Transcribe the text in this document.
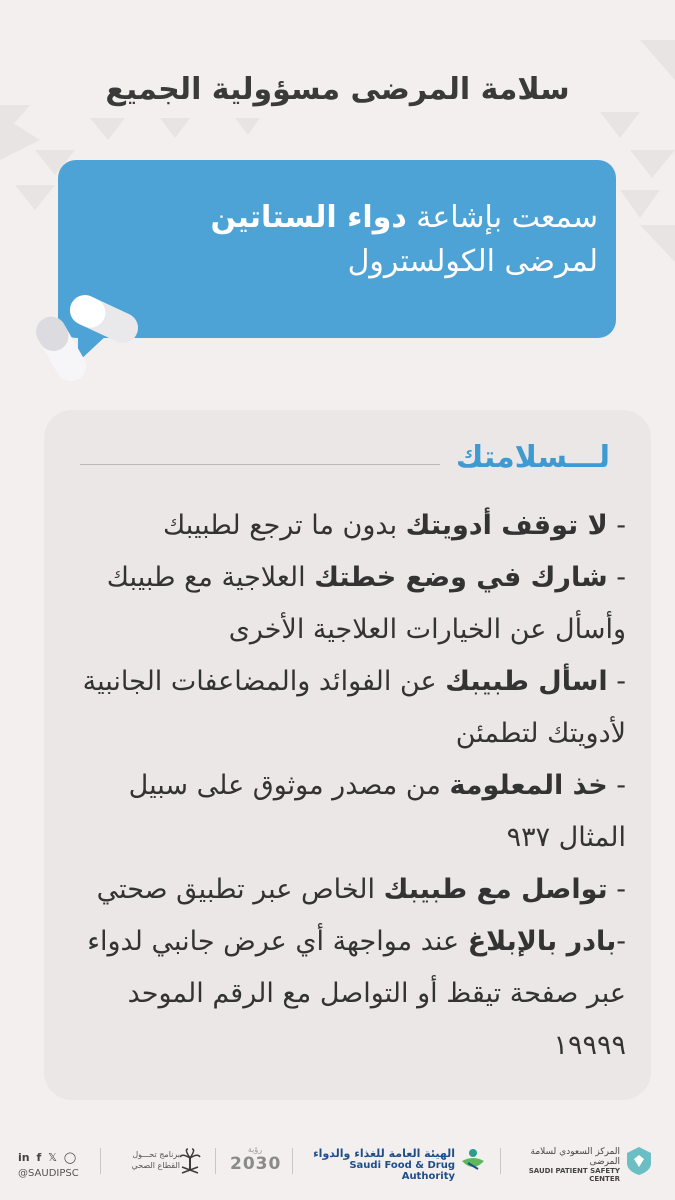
سلامة المرضى مسؤولية الجميع
سمعت بإشاعة دواء الستاتين
لمرضى الكولسترول
لـــسلامتك

- لا توقف أدويتك بدون ما ترجع لطبيبك

- شارك في وضع خطتك العلاجية مع طبيبك وأسأل عن الخيارات العلاجية الأخرى

- اسأل طبيبك عن الفوائد والمضاعفات الجانبية لأدويتك لتطمئن

- خذ المعلومة من مصدر موثوق على سبيل المثال ٩٣٧

- تواصل مع طبيبك الخاص عبر تطبيق صحتي

-بادر بالإبلاغ عند مواجهة أي عرض جانبي لدواء عبر صفحة تيقظ أو التواصل مع الرقم الموحد ١٩٩٩٩

in f 𝕏 ◯
@SAUDIPSC
برنامج تحـــول القطاع الصحي
رؤية
2030
الهيئة العامة للغذاء والدواء
Saudi Food & Drug Authority
المركز السعودي لسلامة المرضى
SAUDI PATIENT SAFETY CENTER
